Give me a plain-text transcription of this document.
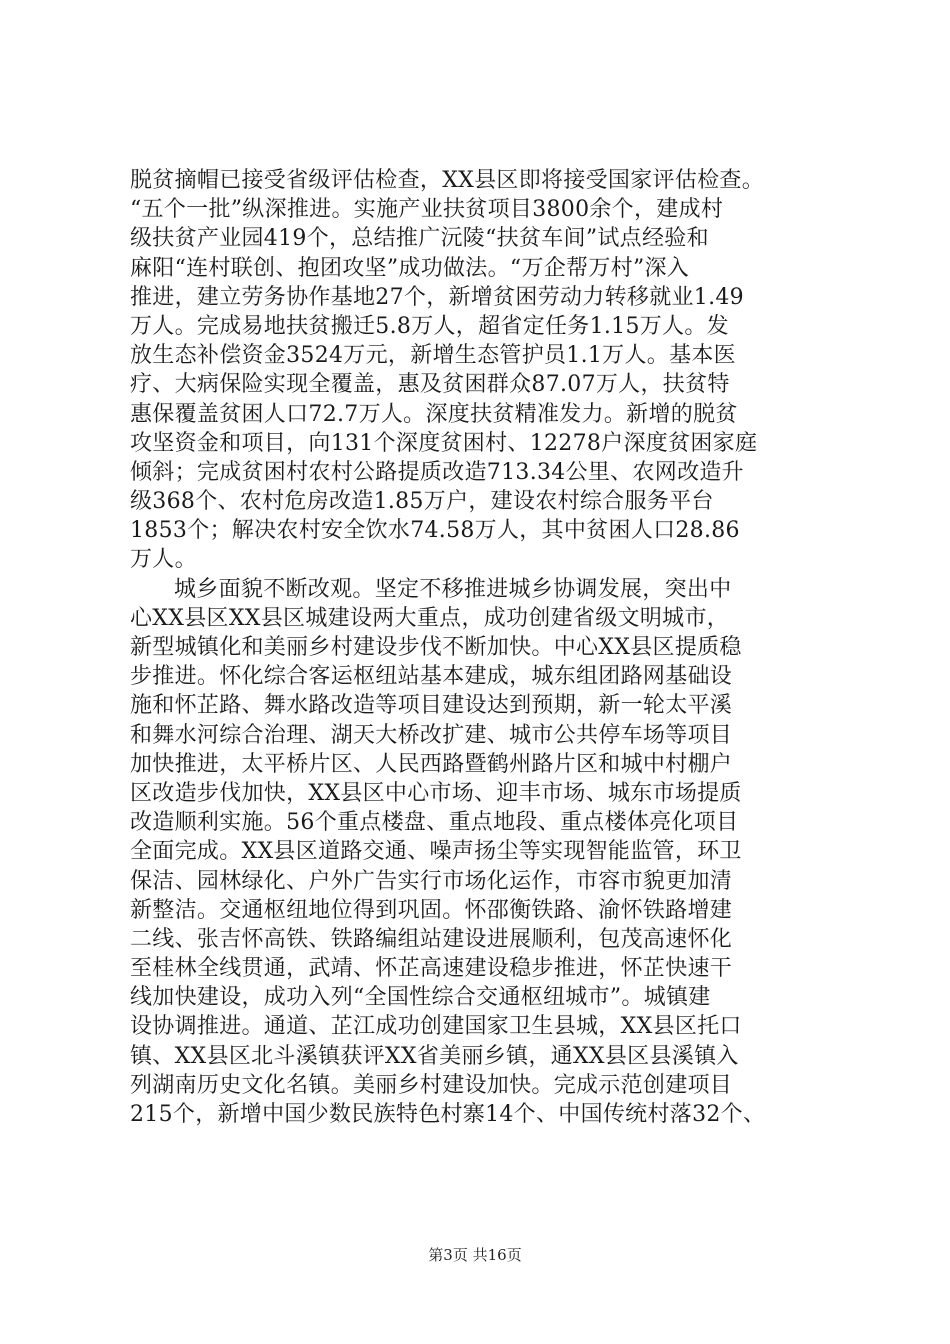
脱贫摘帽已接受省级评估检查，XX县区即将接受国家评估检查。
“五个一批”纵深推进。实施产业扶贫项目3800余个，建成村
级扶贫产业园419个，总结推广沅陵“扶贫车间”试点经验和
麻阳“连村联创、抱团攻坚”成功做法。“万企帮万村”深入
推进，建立劳务协作基地27个，新增贫困劳动力转移就业1.49
万人。完成易地扶贫搬迁5.8万人，超省定任务1.15万人。发
放生态补偿资金3524万元，新增生态管护员1.1万人。基本医
疗、大病保险实现全覆盖，惠及贫困群众87.07万人，扶贫特
惠保覆盖贫困人口72.7万人。深度扶贫精准发力。新增的脱贫
攻坚资金和项目，向131个深度贫困村、12278户深度贫困家庭
倾斜；完成贫困村农村公路提质改造713.34公里、农网改造升
级368个、农村危房改造1.85万户，建设农村综合服务平台
1853个；解决农村安全饮水74.58万人，其中贫困人口28.86
万人。
城乡面貌不断改观。坚定不移推进城乡协调发展，突出中
心XX县区XX县区城建设两大重点，成功创建省级文明城市，
新型城镇化和美丽乡村建设步伐不断加快。中心XX县区提质稳
步推进。怀化综合客运枢纽站基本建成，城东组团路网基础设
施和怀芷路、舞水路改造等项目建设达到预期，新一轮太平溪
和舞水河综合治理、湖天大桥改扩建、城市公共停车场等项目
加快推进，太平桥片区、人民西路暨鹤州路片区和城中村棚户
区改造步伐加快，XX县区中心市场、迎丰市场、城东市场提质
改造顺利实施。56个重点楼盘、重点地段、重点楼体亮化项目
全面完成。XX县区道路交通、噪声扬尘等实现智能监管，环卫
保洁、园林绿化、户外广告实行市场化运作，市容市貌更加清
新整洁。交通枢纽地位得到巩固。怀邵衡铁路、渝怀铁路增建
二线、张吉怀高铁、铁路编组站建设进展顺利，包茂高速怀化
至桂林全线贯通，武靖、怀芷高速建设稳步推进，怀芷快速干
线加快建设，成功入列“全国性综合交通枢纽城市”。城镇建
设协调推进。通道、芷江成功创建国家卫生县城，XX县区托口
镇、XX县区北斗溪镇获评XX省美丽乡镇，通XX县区县溪镇入
列湖南历史文化名镇。美丽乡村建设加快。完成示范创建项目
215个，新增中国少数民族特色村寨14个、中国传统村落32个、
第3页 共16页
